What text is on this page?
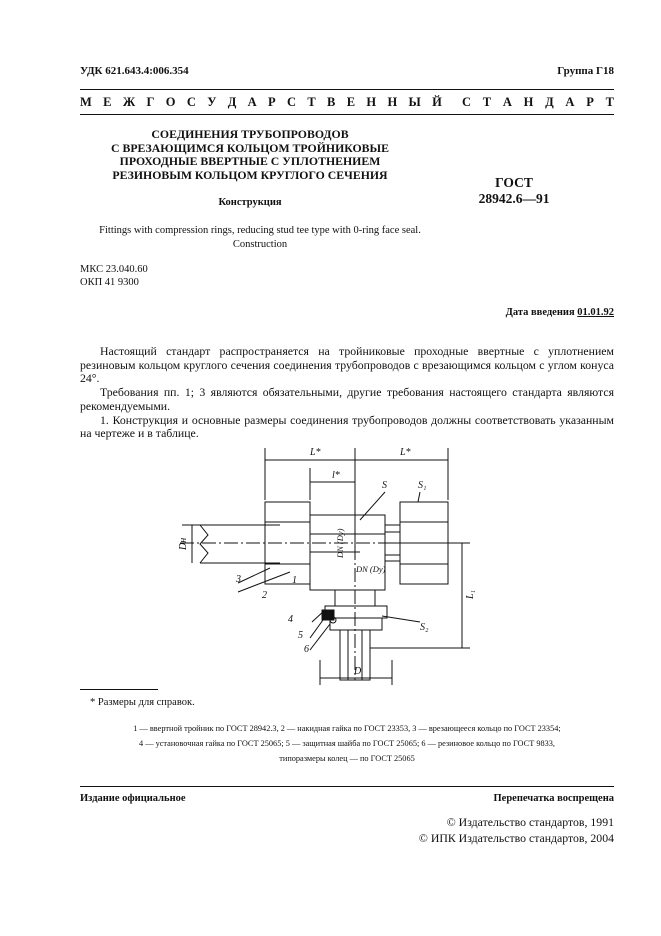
УДК 621.643.4:006.354	Группа Г18
М Е Ж Г О С У Д А Р С Т В Е Н Н Ы Й С Т А Н Д А Р Т
СОЕДИНЕНИЯ ТРУБОПРОВОДОВ
С ВРЕЗАЮЩИМСЯ КОЛЬЦОМ ТРОЙНИКОВЫЕ
ПРОХОДНЫЕ ВВЕРТНЫЕ С УПЛОТНЕНИЕМ
РЕЗИНОВЫМ КОЛЬЦОМ КРУГЛОГО СЕЧЕНИЯ
Конструкция
ГОСТ
28942.6—91
Fittings with compression rings, reducing stud tee type with 0-ring face seal.
Construction
МКС 23.040.60
ОКП 41 9300
Дата введения 01.01.92

Настоящий стандарт распространяется на тройниковые проходные ввертные с уплотнением резиновым кольцом круглого сечения соединения трубопроводов с врезающимся кольцом с углом конуса 24°.

Требования пп. 1; 3 являются обязательными, другие требования настоящего стандарта являются рекомендуемыми.

1. Конструкция и основные размеры соединения трубопроводов должны соответствовать указанным на чертеже и в таблице.

L*	L*
l*
S	S₁
S₂
Dн	DN (Dу)
DN (Dу)
L₁
D
1
2
3
4
5
6
* Размеры для справок.
1 — ввертной тройник по ГОСТ 28942.3, 2 — накидная гайка по ГОСТ 23353, 3 — врезающееся кольцо по ГОСТ 23354;
4 — установочная гайка по ГОСТ 25065; 5 — защитная шайба по ГОСТ 25065; 6 — резиновое кольцо по ГОСТ 9833,
типоразмеры колец — по ГОСТ 25065
Издание официальное	Перепечатка воспрещена
© Издательство стандартов, 1991
© ИПК Издательство стандартов, 2004
